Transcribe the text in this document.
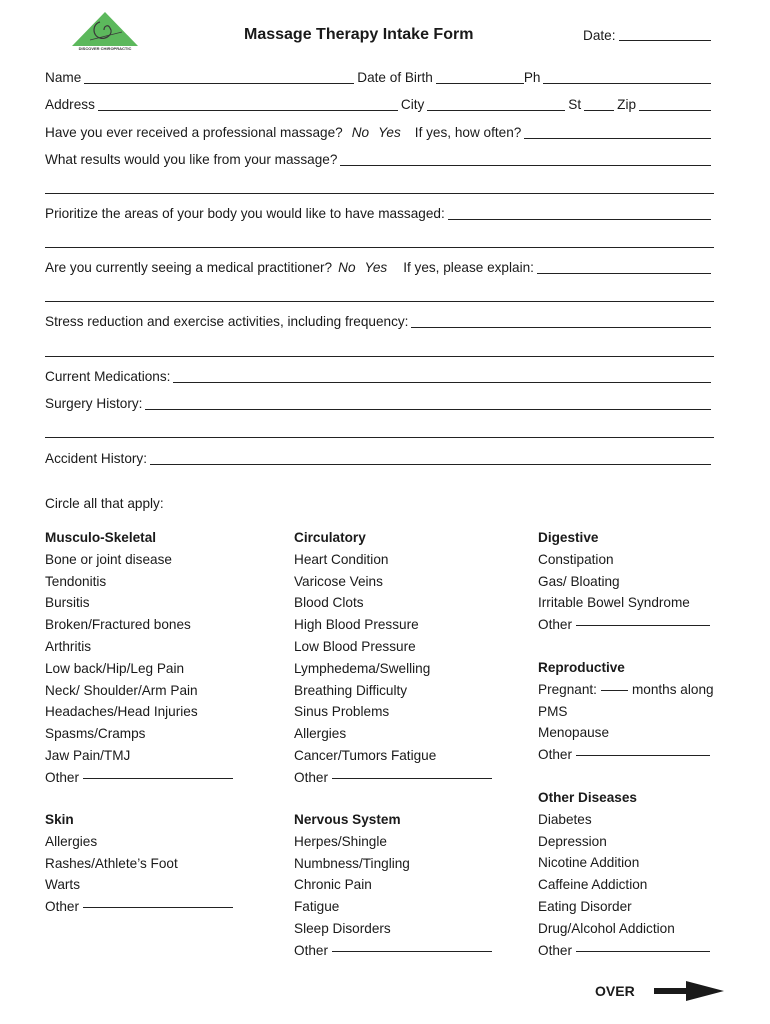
DISCOVER CHIROPRACTIC
Massage Therapy Intake Form	Date:
Name	Date of Birth	Ph
Address	City	St	Zip
Have you ever received a professional massage? No Yes If yes, how often?
What results would you like from your massage?
Prioritize the areas of your body you would like to have massaged:
Are you currently seeing a medical practitioner? No Yes If yes, please explain:
Stress reduction and exercise activities, including frequency:
Current Medications:
Surgery History:
Accident History:
Circle all that apply:
Musculo-Skeletal
Bone or joint disease
Tendonitis
Bursitis
Broken/Fractured bones
Arthritis
Low back/Hip/Leg Pain
Neck/ Shoulder/Arm Pain
Headaches/Head Injuries
Spasms/Cramps
Jaw Pain/TMJ
Other
Skin
Allergies
Rashes/Athlete’s Foot
Warts
Other
Circulatory
Heart Condition
Varicose Veins
Blood Clots
High Blood Pressure
Low Blood Pressure
Lymphedema/Swelling
Breathing Difficulty
Sinus Problems
Allergies
Cancer/Tumors Fatigue
Other
Nervous System
Herpes/Shingle
Numbness/Tingling
Chronic Pain
Fatigue
Sleep Disorders
Other
Digestive
Constipation
Gas/ Bloating
Irritable Bowel Syndrome
Other
Reproductive
Pregnant:	months along
PMS
Menopause
Other
Other Diseases
Diabetes
Depression
Nicotine Addition
Caffeine Addiction
Eating Disorder
Drug/Alcohol Addiction
Other
OVER
